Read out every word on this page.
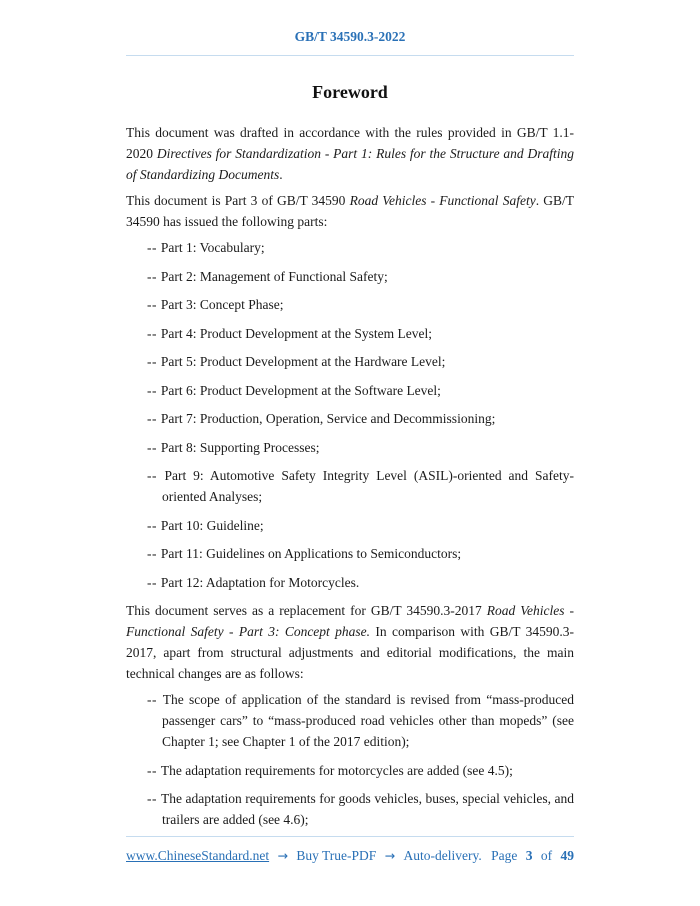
GB/T 34590.3-2022
Foreword

This document was drafted in accordance with the rules provided in GB/T 1.1-2020 Directives for Standardization - Part 1: Rules for the Structure and Drafting of Standardizing Documents.

This document is Part 3 of GB/T 34590 Road Vehicles - Functional Safety. GB/T 34590 has issued the following parts:

-- Part 1: Vocabulary;
-- Part 2: Management of Functional Safety;
-- Part 3: Concept Phase;
-- Part 4: Product Development at the System Level;
-- Part 5: Product Development at the Hardware Level;
-- Part 6: Product Development at the Software Level;
-- Part 7: Production, Operation, Service and Decommissioning;
-- Part 8: Supporting Processes;
-- Part 9: Automotive Safety Integrity Level (ASIL)-oriented and Safety-oriented Analyses;
-- Part 10: Guideline;
-- Part 11: Guidelines on Applications to Semiconductors;
-- Part 12: Adaptation for Motorcycles.

This document serves as a replacement for GB/T 34590.3-2017 Road Vehicles - Functional Safety - Part 3: Concept phase. In comparison with GB/T 34590.3-2017, apart from structural adjustments and editorial modifications, the main technical changes are as follows:

-- The scope of application of the standard is revised from “mass-produced passenger cars” to “mass-produced road vehicles other than mopeds” (see Chapter 1; see Chapter 1 of the 2017 edition);
-- The adaptation requirements for motorcycles are added (see 4.5);
-- The adaptation requirements for goods vehicles, buses, special vehicles, and trailers are added (see 4.6);
www.ChineseStandard.net → Buy True-PDF → Auto-delivery. Page 3 of 49
